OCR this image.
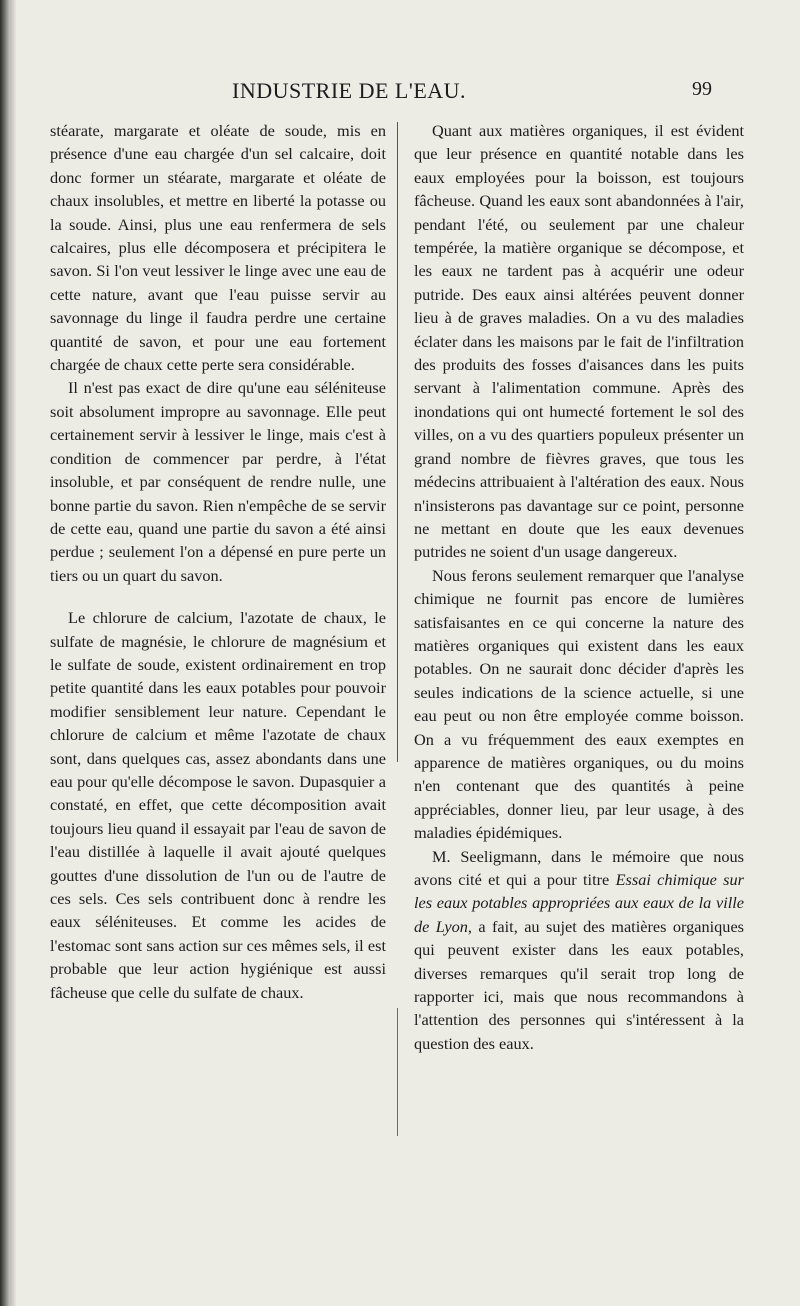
INDUSTRIE DE L'EAU.	99

stéarate, margarate et oléate de soude, mis en présence d'une eau chargée d'un sel calcaire, doit donc former un stéarate, margarate et oléate de chaux insolubles, et mettre en liberté la potasse ou la soude. Ainsi, plus une eau renfermera de sels calcaires, plus elle décomposera et précipitera le savon. Si l'on veut lessiver le linge avec une eau de cette nature, avant que l'eau puisse servir au savonnage du linge il faudra perdre une certaine quantité de savon, et pour une eau fortement chargée de chaux cette perte sera considérable.

Il n'est pas exact de dire qu'une eau séléniteuse soit absolument impropre au savonnage. Elle peut certainement servir à lessiver le linge, mais c'est à condition de commencer par perdre, à l'état insoluble, et par conséquent de rendre nulle, une bonne partie du savon. Rien n'empêche de se servir de cette eau, quand une partie du savon a été ainsi perdue ; seulement l'on a dépensé en pure perte un tiers ou un quart du savon.

Le chlorure de calcium, l'azotate de chaux, le sulfate de magnésie, le chlorure de magnésium et le sulfate de soude, existent ordinairement en trop petite quantité dans les eaux potables pour pouvoir modifier sensiblement leur nature. Cependant le chlorure de calcium et même l'azotate de chaux sont, dans quelques cas, assez abondants dans une eau pour qu'elle décompose le savon. Dupasquier a constaté, en effet, que cette décomposition avait toujours lieu quand il essayait par l'eau de savon de l'eau distillée à laquelle il avait ajouté quelques gouttes d'une dissolution de l'un ou de l'autre de ces sels. Ces sels contribuent donc à rendre les eaux séléniteuses. Et comme les acides de l'estomac sont sans action sur ces mêmes sels, il est probable que leur action hygiénique est aussi fâcheuse que celle du sulfate de chaux.

Quant aux matières organiques, il est évident que leur présence en quantité notable dans les eaux employées pour la boisson, est toujours fâcheuse. Quand les eaux sont abandonnées à l'air, pendant l'été, ou seulement par une chaleur tempérée, la matière organique se décompose, et les eaux ne tardent pas à acquérir une odeur putride. Des eaux ainsi altérées peuvent donner lieu à de graves maladies. On a vu des maladies éclater dans les maisons par le fait de l'infiltration des produits des fosses d'aisances dans les puits servant à l'alimentation commune. Après des inondations qui ont humecté fortement le sol des villes, on a vu des quartiers populeux présenter un grand nombre de fièvres graves, que tous les médecins attribuaient à l'altération des eaux. Nous n'insisterons pas davantage sur ce point, personne ne mettant en doute que les eaux devenues putrides ne soient d'un usage dangereux.

Nous ferons seulement remarquer que l'analyse chimique ne fournit pas encore de lumières satisfaisantes en ce qui concerne la nature des matières organiques qui existent dans les eaux potables. On ne saurait donc décider d'après les seules indications de la science actuelle, si une eau peut ou non être employée comme boisson. On a vu fréquemment des eaux exemptes en apparence de matières organiques, ou du moins n'en contenant que des quantités à peine appréciables, donner lieu, par leur usage, à des maladies épidémiques.

M. Seeligmann, dans le mémoire que nous avons cité et qui a pour titre Essai chimique sur les eaux potables appropriées aux eaux de la ville de Lyon, a fait, au sujet des matières organiques qui peuvent exister dans les eaux potables, diverses remarques qu'il serait trop long de rapporter ici, mais que nous recommandons à l'attention des personnes qui s'intéressent à la question des eaux.
